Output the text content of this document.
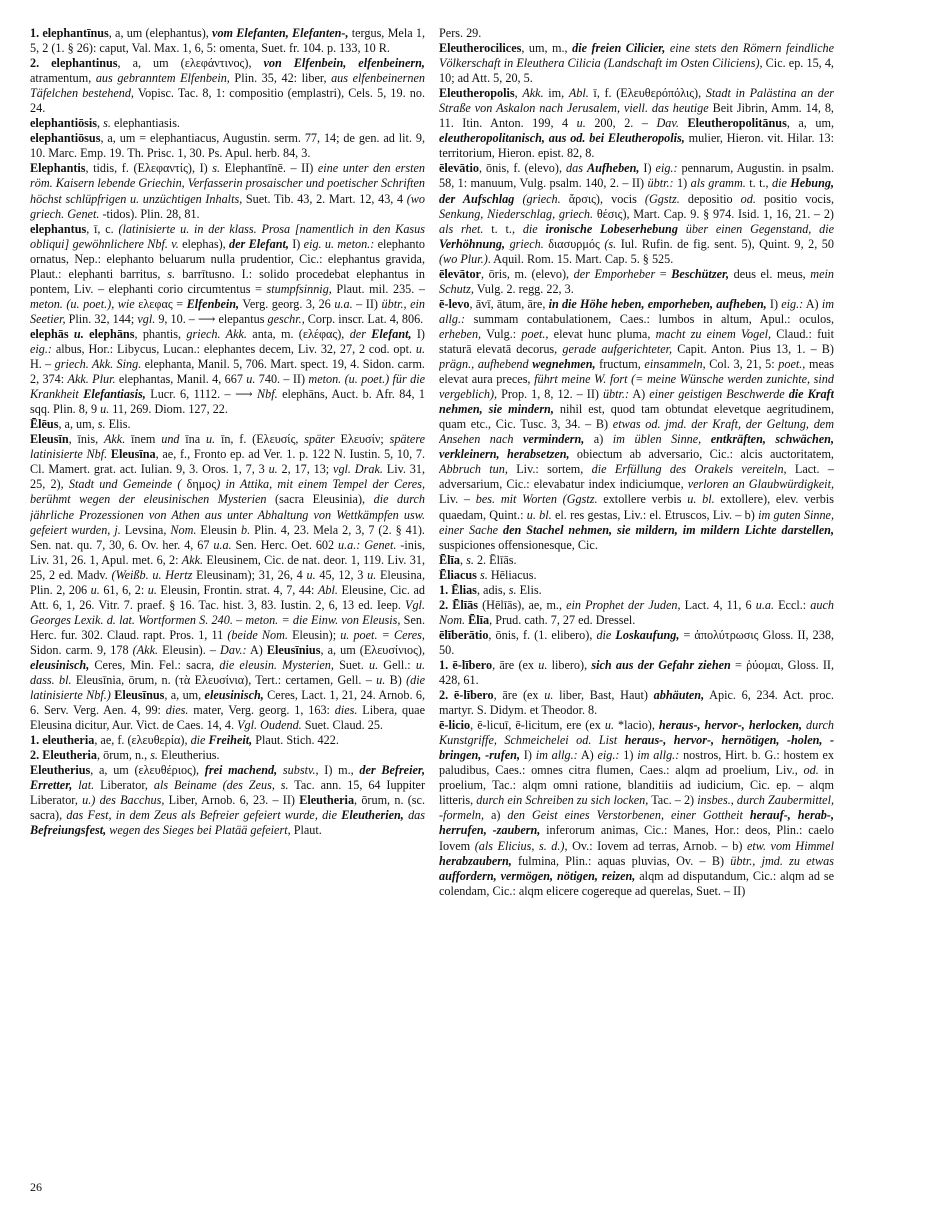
1. elephantīnus, a, um (elephantus), vom Elefanten, Elefanten-, tergus, Mela 1, 5, 2 (1. § 26): caput, Val. Max. 1, 6, 5: omenta, Suet. fr. 104. p. 133, 10 R.

2. elephantinus, a, um (ελεφάντινος), von Elfenbein, elfenbeinern, atramentum, aus gebranntem Elfenbein, Plin. 35, 42: liber, aus elfenbeinernen Täfelchen bestehend, Vopisc. Tac. 8, 1: compositio (emplastri), Cels. 5, 19. no. 24.

elephantiōsis, s. elephantiasis.

elephantiōsus, a, um = elephantiacus, Augustin. serm. 77, 14; de gen. ad lit. 9, 10. Marc. Emp. 19. Th. Prisc. 1, 30. Ps. Apul. herb. 84, 3.

Elephantis, tidis, f. (Ελεφαντίς), I) s. Elephantīnē. – II) eine unter den ersten röm. Kaisern lebende Griechin, Verfasserin prosaischer und poetischer Schriften höchst schlüpfrigen u. unzüchtigen Inhalts, Suet. Tib. 43, 2. Mart. 12, 43, 4 (wo griech. Genet. -tidos). Plin. 28, 81.

elephantus, ī, c. (latinisierte u. in der klass. Prosa [namentlich in den Kasus obliqui] gewöhnlichere Nbf. v. elephas), der Elefant, I) eig. u. meton.: elephanto ornatus, Nep.: elephanto beluarum nulla prudentior, Cic.: elephantus gravida, Plaut.: elephanti barritus, s. barrītusno. I.: solido procedebat elephantus in pontem, Liv. – elephanti corio circumtentus = stumpfsinnig, Plaut. mil. 235. – meton. (u. poet.), wie ελεφας = Elfenbein, Verg. georg. 3, 26 u.a. – II) übtr., ein Seetier, Plin. 32, 144; vgl. 9, 10. – ⟶ elepantus geschr., Corp. inscr. Lat. 4, 806.

elephās u. elephāns, phantis, griech. Akk. anta, m. (ελέφας), der Elefant, I) eig.: albus, Hor.: Libycus, Lucan.: elephantes decem, Liv. 32, 27, 2 cod. opt. u. H. – griech. Akk. Sing. elephanta, Manil. 5, 706. Mart. spect. 19, 4. Sidon. carm. 2, 374: Akk. Plur. elephantas, Manil. 4, 667 u. 740. – II) meton. (u. poet.) für die Krankheit Elefantiasis, Lucr. 6, 1112. – ⟶ Nbf. elephāns, Auct. b. Afr. 84, 1 sqq. Plin. 8, 9 u. 11, 269. Diom. 127, 22.

Ēlēus, a, um, s. Elis.

Eleusīn, īnis, Akk. īnem und īna u. īn, f. (Ελευσίς, später Ελευσίν; spätere latinisierte Nbf. Eleusīna, ae, f., Fronto ep. ad Ver. 1. p. 122 N. Iustin. 5, 10, 7. Cl. Mamert. grat. act. Iulian. 9, 3. Oros. 1, 7, 3 u. 2, 17, 13; vgl. Drak. Liv. 31, 25, 2), Stadt und Gemeinde ( δημος) in Attika, mit einem Tempel der Ceres, berühmt wegen der eleusinischen Mysterien (sacra Eleusinia), die durch jährliche Prozessionen von Athen aus unter Abhaltung von Wettkämpfen usw. gefeiert wurden, j. Levsina, Nom. Eleusin b. Plin. 4, 23. Mela 2, 3, 7 (2. § 41). Sen. nat. qu. 7, 30, 6. Ov. her. 4, 67 u.a. Sen. Herc. Oet. 602 u.a.: Genet. -inis, Liv. 31, 26. 1, Apul. met. 6, 2: Akk. Eleusinem, Cic. de nat. deor. 1, 119. Liv. 31, 25, 2 ed. Madv. (Weißb. u. Hertz Eleusinam); 31, 26, 4 u. 45, 12, 3 u. Eleusina, Plin. 2, 206 u. 61, 6, 2: u. Eleusin, Frontin. strat. 4, 7, 44: Abl. Eleusine, Cic. ad Att. 6, 1, 26. Vitr. 7. praef. § 16. Tac. hist. 3, 83. Iustin. 2, 6, 13 ed. Ieep. Vgl. Georges Lexik. d. lat. Wortformen S. 240. – meton. = die Einw. von Eleusis, Sen. Herc. fur. 302. Claud. rapt. Pros. 1, 11 (beide Nom. Eleusin); u. poet. = Ceres, Sidon. carm. 9, 178 (Akk. Eleusin). – Dav.: A) Eleusīnius, a, um (Ελευσίνιος), eleusinisch, Ceres, Min. Fel.: sacra, die eleusin. Mysterien, Suet. u. Gell.: u. dass. bl. Eleusīnia, ōrum, n. (τὰ Ελευσίνια), Tert.: certamen, Gell. – u. B) (die latinisierte Nbf.) Eleusīnus, a, um, eleusinisch, Ceres, Lact. 1, 21, 24. Arnob. 6, 6. Serv. Verg. Aen. 4, 99: dies. mater, Verg. georg. 1, 163: dies. Libera, quae Eleusina dicitur, Aur. Vict. de Caes. 14, 4. Vgl. Oudend. Suet. Claud. 25.

1. eleutheria, ae, f. (ελευθερία), die Freiheit, Plaut. Stich. 422.

2. Eleutheria, ōrum, n., s. Eleutherius.

Eleutherius, a, um (ελευθέριος), frei machend, substv., I) m., der Befreier, Erretter, lat. Liberator, als Beiname (des Zeus, s. Tac. ann. 15, 64 Iuppiter Liberator, u.) des Bacchus, Liber, Arnob. 6, 23. – II) Eleutheria, ōrum, n. (sc. sacra), das Fest, in dem Zeus als Befreier gefeiert wurde, die Eleutherien, das Befreiungsfest, wegen des Sieges bei Platää gefeiert, Plaut.

Pers. 29.

Eleutherocilices, um, m., die freien Cilicier, eine stets den Römern feindliche Völkerschaft in Eleuthera Cilicia (Landschaft im Osten Ciliciens), Cic. ep. 15, 4, 10; ad Att. 5, 20, 5.

Eleutheropolis, Akk. im, Abl. ī, f. (Ελευθερόπόλις), Stadt in Palästina an der Straße von Askalon nach Jerusalem, viell. das heutige Beit Jibrin, Amm. 14, 8, 11. Itin. Anton. 199, 4 u. 200, 2. – Dav. Eleutheropolitānus, a, um, eleutheropolitanisch, aus od. bei Eleutheropolis, mulier, Hieron. vit. Hilar. 13: territorium, Hieron. epist. 82, 8.

ēlevātio, ōnis, f. (elevo), das Aufheben, I) eig.: pennarum, Augustin. in psalm. 58, 1: manuum, Vulg. psalm. 140, 2. – II) übtr.: 1) als gramm. t. t., die Hebung, der Aufschlag (griech. ἄρσις), vocis (Ggstz. depositio od. positio vocis, Senkung, Niederschlag, griech. θέσις), Mart. Cap. 9. § 974. Isid. 1, 16, 21. – 2) als rhet. t. t., die ironische Lobeserhebung über einen Gegenstand, die Verhöhnung, griech. διασυρμός (s. Iul. Rufin. de fig. sent. 5), Quint. 9, 2, 50 (wo Plur.). Aquil. Rom. 15. Mart. Cap. 5. § 525.

ēlevātor, ōris, m. (elevo), der Emporheber = Beschützer, deus el. meus, mein Schutz, Vulg. 2. regg. 22, 3.

ē-levo, āvī, ātum, āre, in die Höhe heben, emporheben, aufheben, I) eig.: A) im allg.: summam contabulationem, Caes.: lumbos in altum, Apul.: oculos, erheben, Vulg.: poet., elevat hunc pluma, macht zu einem Vogel, Claud.: fuit staturā elevatā decorus, gerade aufgerichteter, Capit. Anton. Pius 13, 1. – B) prägn., aufhebend wegnehmen, fructum, einsammeln, Col. 3, 21, 5: poet., meas elevat aura preces, führt meine W. fort (= meine Wünsche werden zunichte, sind vergeblich), Prop. 1, 8, 12. – II) übtr.: A) einer geistigen Beschwerde die Kraft nehmen, sie mindern, nihil est, quod tam obtundat elevetque aegritudinem, quam etc., Cic. Tusc. 3, 34. – B) etwas od. jmd. der Kraft, der Geltung, dem Ansehen nach vermindern, a) im üblen Sinne, entkräften, schwächen, verkleinern, herabsetzen, obiectum ab adversario, Cic.: alcis auctoritatem, Abbruch tun, Liv.: sortem, die Erfüllung des Orakels vereiteln, Lact. – adversarium, Cic.: elevabatur index indiciumque, verloren an Glaubwürdigkeit, Liv. – bes. mit Worten (Ggstz. extollere verbis u. bl. extollere), elev. verbis quaedam, Quint.: u. bl. el. res gestas, Liv.: el. Etruscos, Liv. – b) im guten Sinne, einer Sache den Stachel nehmen, sie mildern, im mildern Lichte darstellen, suspiciones offensionesque, Cic.

Ēlīa, s. 2. Ēlīās.

Ēliacus s. Hēliacus.

1. Ēlias, adis, s. Elis.

2. Ēlīās (Hēlīās), ae, m., ein Prophet der Juden, Lact. 4, 11, 6 u.a. Eccl.: auch Nom. Ēlīa, Prud. cath. 7, 27 ed. Dressel.

ēlīberātio, ōnis, f. (1. elibero), die Loskaufung, = ἀπολύτρωσις Gloss. II, 238, 50.

1. ē-lībero, āre (ex u. libero), sich aus der Gefahr ziehen = ῥύομαι, Gloss. II, 428, 61.

2. ē-lībero, āre (ex u. liber, Bast, Haut) abhäuten, Apic. 6, 234. Act. proc. martyr. S. Didym. et Theodor. 8.

ē-licio, ē-licuī, ē-licitum, ere (ex u. *lacio), heraus-, hervor-, herlocken, durch Kunstgriffe, Schmeichelei od. List heraus-, hervor-, hernötigen, -holen, -bringen, -rufen, I) im allg.: A) eig.: 1) im allg.: nostros, Hirt. b. G.: hostem ex paludibus, Caes.: omnes citra flumen, Caes.: alqm ad proelium, Liv., od. in proelium, Tac.: alqm omni ratione, blanditiis ad iudicium, Cic. ep. – alqm litteris, durch ein Schreiben zu sich locken, Tac. – 2) insbes., durch Zaubermittel, -formeln, a) den Geist eines Verstorbenen, einer Gottheit herauf-, herab-, herrufen, -zaubern, inferorum animas, Cic.: Manes, Hor.: deos, Plin.: caelo Iovem (als Elicius, s. d.), Ov.: Iovem ad terras, Arnob. – b) etw. vom Himmel herabzaubern, fulmina, Plin.: aquas pluvias, Ov. – B) übtr., jmd. zu etwas auffordern, vermögen, nötigen, reizen, alqm ad disputandum, Cic.: alqm ad se colendam, Cic.: alqm elicere cogereque ad querelas, Suet. – II)

26
